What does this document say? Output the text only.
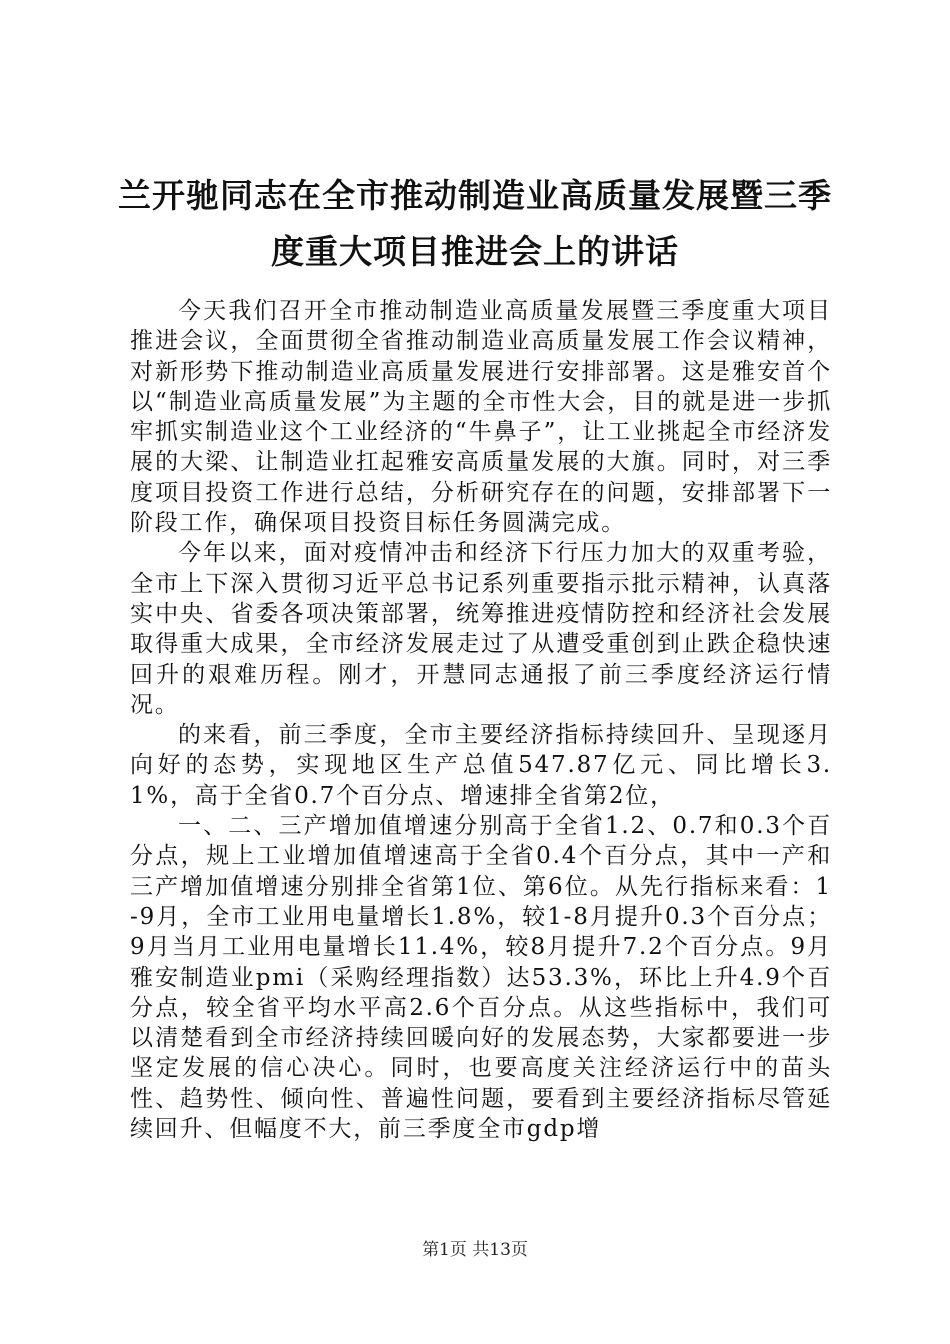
兰开驰同志在全市推动制造业高质量发展暨三季度重大项目推进会上的讲话

今天我们召开全市推动制造业高质量发展暨三季度重大项目推进会议，全面贯彻全省推动制造业高质量发展工作会议精神，对新形势下推动制造业高质量发展进行安排部署。这是雅安首个以“制造业高质量发展”为主题的全市性大会，目的就是进一步抓牢抓实制造业这个工业经济的“牛鼻子”，让工业挑起全市经济发展的大梁、让制造业扛起雅安高质量发展的大旗。同时，对三季度项目投资工作进行总结，分析研究存在的问题，安排部署下一阶段工作，确保项目投资目标任务圆满完成。

今年以来，面对疫情冲击和经济下行压力加大的双重考验，全市上下深入贯彻习近平总书记系列重要指示批示精神，认真落实中央、省委各项决策部署，统筹推进疫情防控和经济社会发展取得重大成果，全市经济发展走过了从遭受重创到止跌企稳快速回升的艰难历程。刚才，开慧同志通报了前三季度经济运行情况。

的来看，前三季度，全市主要经济指标持续回升、呈现逐月向好的态势，实现地区生产总值547.87亿元、同比增长3.1%，高于全省0.7个百分点、增速排全省第2位，

一、二、三产增加值增速分别高于全省1.2、0.7和0.3个百分点，规上工业增加值增速高于全省0.4个百分点，其中一产和三产增加值增速分别排全省第1位、第6位。从先行指标来看：1-9月，全市工业用电量增长1.8%，较1-8月提升0.3个百分点；9月当月工业用电量增长11.4%，较8月提升7.2个百分点。9月雅安制造业pmi（采购经理指数）达53.3%，环比上升4.9个百分点，较全省平均水平高2.6个百分点。从这些指标中，我们可以清楚看到全市经济持续回暖向好的发展态势，大家都要进一步坚定发展的信心决心。同时，也要高度关注经济运行中的苗头性、趋势性、倾向性、普遍性问题，要看到主要经济指标尽管延续回升、但幅度不大，前三季度全市gdp增

第1页 共13页
